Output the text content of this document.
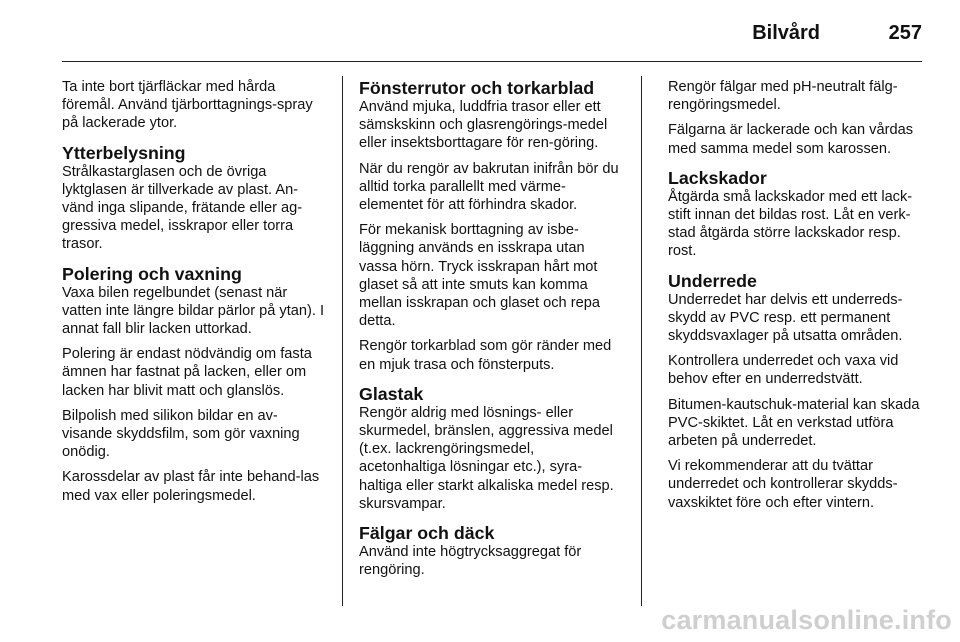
Bilvård	257

Ta inte bort tjärfläckar med hårda föremål. Använd tjärborttagnings-spray på lackerade ytor.

Ytterbelysning

Strålkastarglasen och de övriga lyktglasen är tillverkade av plast. An-vänd inga slipande, frätande eller ag-gressiva medel, isskrapor eller torra trasor.

Polering och vaxning

Vaxa bilen regelbundet (senast när vatten inte längre bildar pärlor på ytan). I annat fall blir lacken uttorkad.

Polering är endast nödvändig om fasta ämnen har fastnat på lacken, eller om lacken har blivit matt och glanslös.

Bilpolish med silikon bildar en av-visande skyddsfilm, som gör vaxning onödig.

Karossdelar av plast får inte behand-las med vax eller poleringsmedel.

Fönsterrutor och torkarblad

Använd mjuka, luddfria trasor eller ett sämskskinn och glasrengörings-medel eller insektsborttagare för ren-göring.

När du rengör av bakrutan inifrån bör du alltid torka parallellt med värme-elementet för att förhindra skador.

För mekanisk borttagning av isbe-läggning används en isskrapa utan vassa hörn. Tryck isskrapan hårt mot glaset så att inte smuts kan komma mellan isskrapan och glaset och repa detta.

Rengör torkarblad som gör ränder med en mjuk trasa och fönsterputs.

Glastak

Rengör aldrig med lösnings- eller skurmedel, bränslen, aggressiva medel (t.ex. lackrengöringsmedel, acetonhaltiga lösningar etc.), syra-haltiga eller starkt alkaliska medel resp. skursvampar.

Fälgar och däck

Använd inte högtrycksaggregat för rengöring.

Rengör fälgar med pH-neutralt fälg-rengöringsmedel.

Fälgarna är lackerade och kan vårdas med samma medel som karossen.

Lackskador

Åtgärda små lackskador med ett lack-stift innan det bildas rost. Låt en verk-stad åtgärda större lackskador resp. rost.

Underrede

Underredet har delvis ett underreds-skydd av PVC resp. ett permanent skyddsvaxlager på utsatta områden.

Kontrollera underredet och vaxa vid behov efter en underredstvätt.

Bitumen-kautschuk-material kan skada PVC-skiktet. Låt en verkstad utföra arbeten på underredet.

Vi rekommenderar att du tvättar underredet och kontrollerar skydds-vaxskiktet före och efter vintern.

carmanualsonline.info
